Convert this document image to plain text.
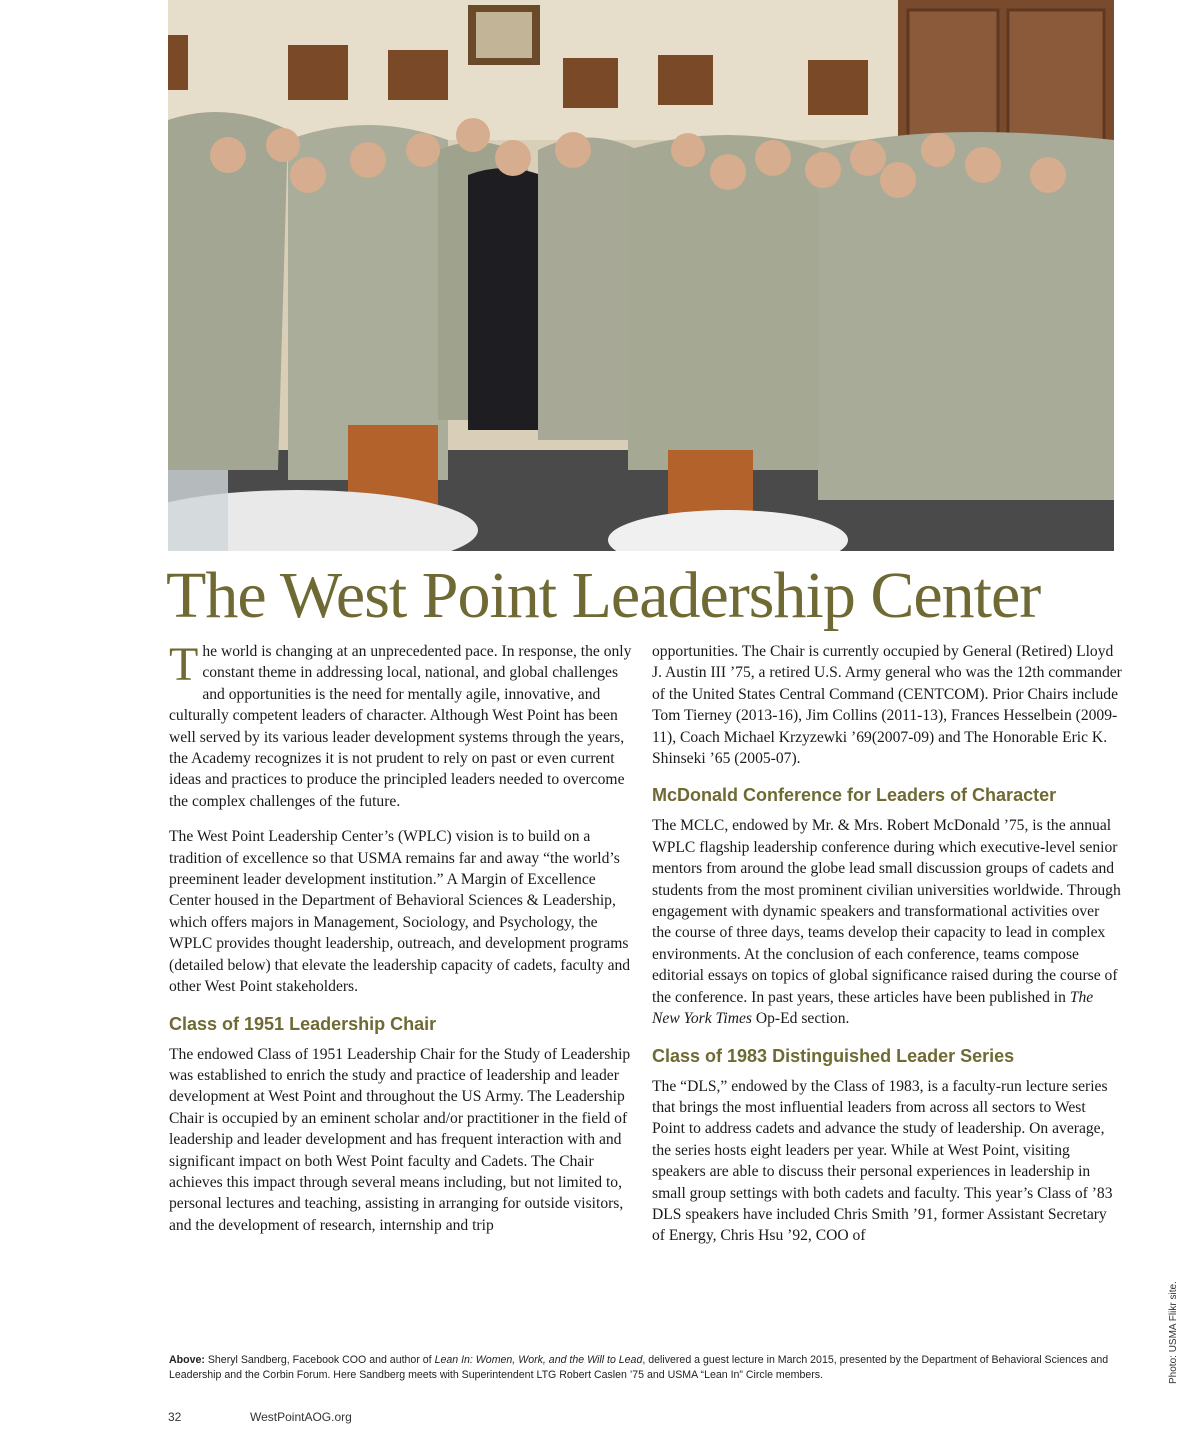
The West Point Leadership Center

The world is changing at an unprecedented pace. In response, the only constant theme in addressing local, national, and global challenges and opportunities is the need for mentally agile, innovative, and culturally competent leaders of character. Although West Point has been well served by its various leader development systems through the years, the Academy recognizes it is not prudent to rely on past or even current ideas and practices to produce the principled leaders needed to overcome the complex challenges of the future.

The West Point Leadership Center’s (WPLC) vision is to build on a tradition of excellence so that USMA remains far and away “the world’s preeminent leader development institution.” A Margin of Excellence Center housed in the Department of Behavioral Sciences & Leadership, which offers majors in Management, Sociology, and Psychology, the WPLC provides thought leadership, outreach, and development programs (detailed below) that elevate the leadership capacity of cadets, faculty and other West Point stakeholders.

Class of 1951 Leadership Chair

The endowed Class of 1951 Leadership Chair for the Study of Leadership was established to enrich the study and practice of leadership and leader development at West Point and throughout the US Army. The Leadership Chair is occupied by an eminent scholar and/or practitioner in the field of leadership and leader development and has frequent interaction with and significant impact on both West Point faculty and Cadets. The Chair achieves this impact through several means including, but not limited to, personal lectures and teaching, assisting in arranging for outside visitors, and the development of research, internship and trip

opportunities. The Chair is currently occupied by General (Retired) Lloyd J. Austin III ’75, a retired U.S. Army general who was the 12th commander of the United States Central Command (CENTCOM). Prior Chairs include Tom Tierney (2013-16), Jim Collins (2011-13), Frances Hesselbein (2009-11), Coach Michael Krzyzewki ’69(2007-09) and The Honorable Eric K. Shinseki ’65 (2005-07).

McDonald Conference for Leaders of Character

The MCLC, endowed by Mr. & Mrs. Robert McDonald ’75, is the annual WPLC flagship leadership conference during which executive-level senior mentors from around the globe lead small discussion groups of cadets and students from the most prominent civilian universities worldwide. Through engagement with dynamic speakers and transformational activities over the course of three days, teams develop their capacity to lead in complex environments. At the conclusion of each conference, teams compose editorial essays on topics of global significance raised during the course of the conference. In past years, these articles have been published in The New York Times Op-Ed section.

Class of 1983 Distinguished Leader Series

The “DLS,” endowed by the Class of 1983, is a faculty-run lecture series that brings the most influential leaders from across all sectors to West Point to address cadets and advance the study of leadership. On average, the series hosts eight leaders per year. While at West Point, visiting speakers are able to discuss their personal experiences in leadership in small group settings with both cadets and faculty. This year’s Class of ’83 DLS speakers have included Chris Smith ’91, former Assistant Secretary of Energy, Chris Hsu ’92, COO of

Above: Sheryl Sandberg, Facebook COO and author of Lean In: Women, Work, and the Will to Lead, delivered a guest lecture in March 2015, presented by the Department of Behavioral Sciences and Leadership and the Corbin Forum. Here Sandberg meets with Superintendent LTG Robert Caslen ’75 and USMA “Lean In” Circle members.	Photo: USMA Flikr site.
32	WestPointAOG.org
